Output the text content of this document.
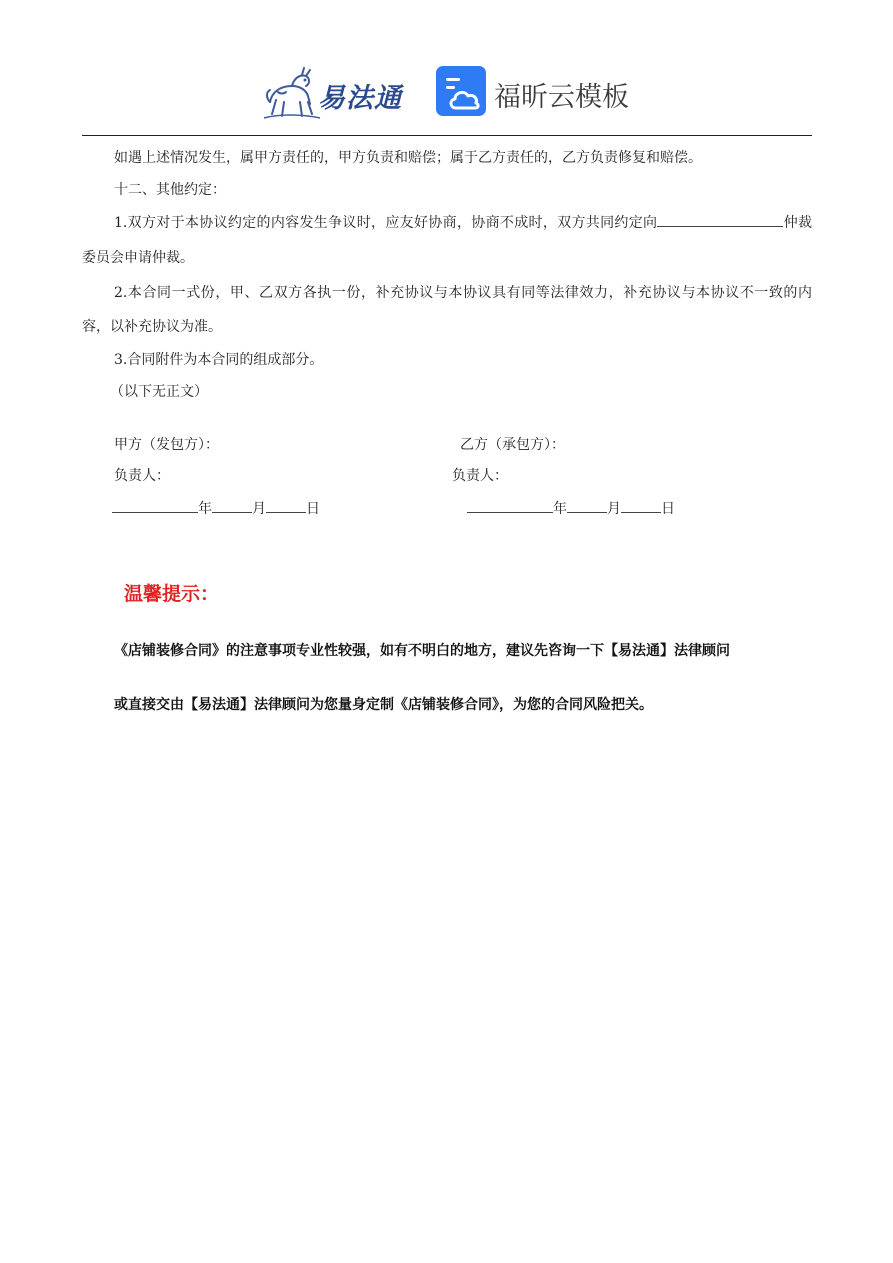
易法通	福昕云模板

如遇上述情况发生，属甲方责任的，甲方负责和赔偿；属于乙方责任的，乙方负责修复和赔偿。

十二、其他约定：

1.双方对于本协议约定的内容发生争议时，应友好协商，协商不成时，双方共同约定向	仲裁委员会申请仲裁。

2.本合同一式份，甲、乙双方各执一份，补充协议与本协议具有同等法律效力，补充协议与本协议不一致的内容，以补充协议为准。

3.合同附件为本合同的组成部分。

（以下无正文）

甲方（发包方）：	乙方（承包方）：
负责人：	负责人：
年	月	日	年	月	日
温馨提示：
《店铺装修合同》的注意事项专业性较强，如有不明白的地方，建议先咨询一下【易法通】法律顾问
或直接交由【易法通】法律顾问为您量身定制《店铺装修合同》，为您的合同风险把关。
